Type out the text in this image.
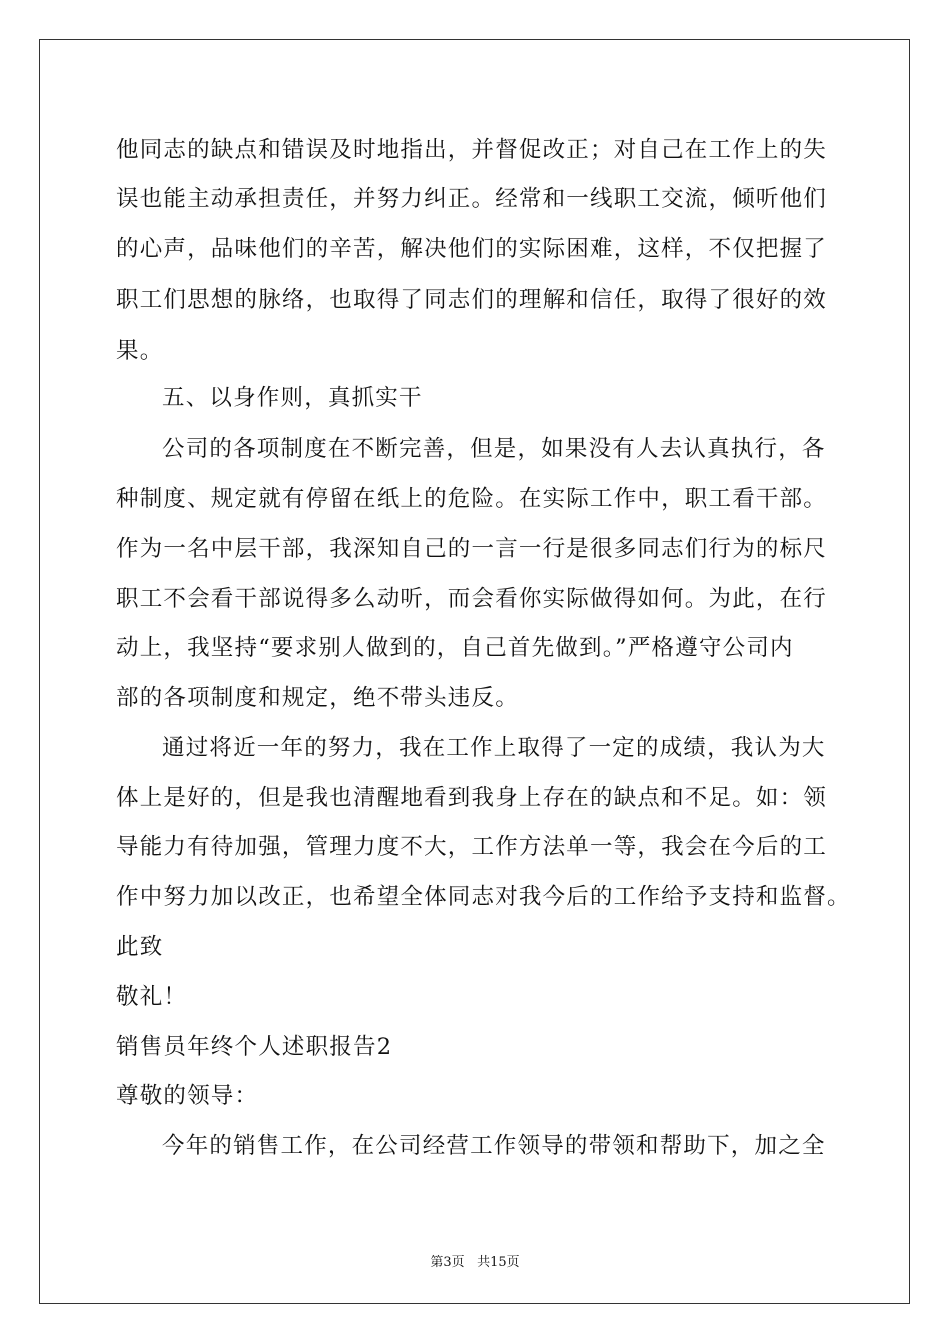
他同志的缺点和错误及时地指出，并督促改正；对自己在工作上的失

误也能主动承担责任，并努力纠正。经常和一线职工交流，倾听他们

的心声，品味他们的辛苦，解决他们的实际困难，这样，不仅把握了

职工们思想的脉络，也取得了同志们的理解和信任，取得了很好的效

果。

五、以身作则，真抓实干

公司的各项制度在不断完善，但是，如果没有人去认真执行，各

种制度、规定就有停留在纸上的危险。在实际工作中，职工看干部。

作为一名中层干部，我深知自己的一言一行是很多同志们行为的标尺

职工不会看干部说得多么动听，而会看你实际做得如何。为此，在行

动上，我坚持“要求别人做到的，自己首先做到。”严格遵守公司内

部的各项制度和规定，绝不带头违反。

通过将近一年的努力，我在工作上取得了一定的成绩，我认为大

体上是好的，但是我也清醒地看到我身上存在的缺点和不足。如：领

导能力有待加强，管理力度不大，工作方法单一等，我会在今后的工

作中努力加以改正，也希望全体同志对我今后的工作给予支持和监督。

此致

敬礼！

销售员年终个人述职报告2

尊敬的领导：

今年的销售工作，在公司经营工作领导的带领和帮助下，加之全

第3页 共15页
